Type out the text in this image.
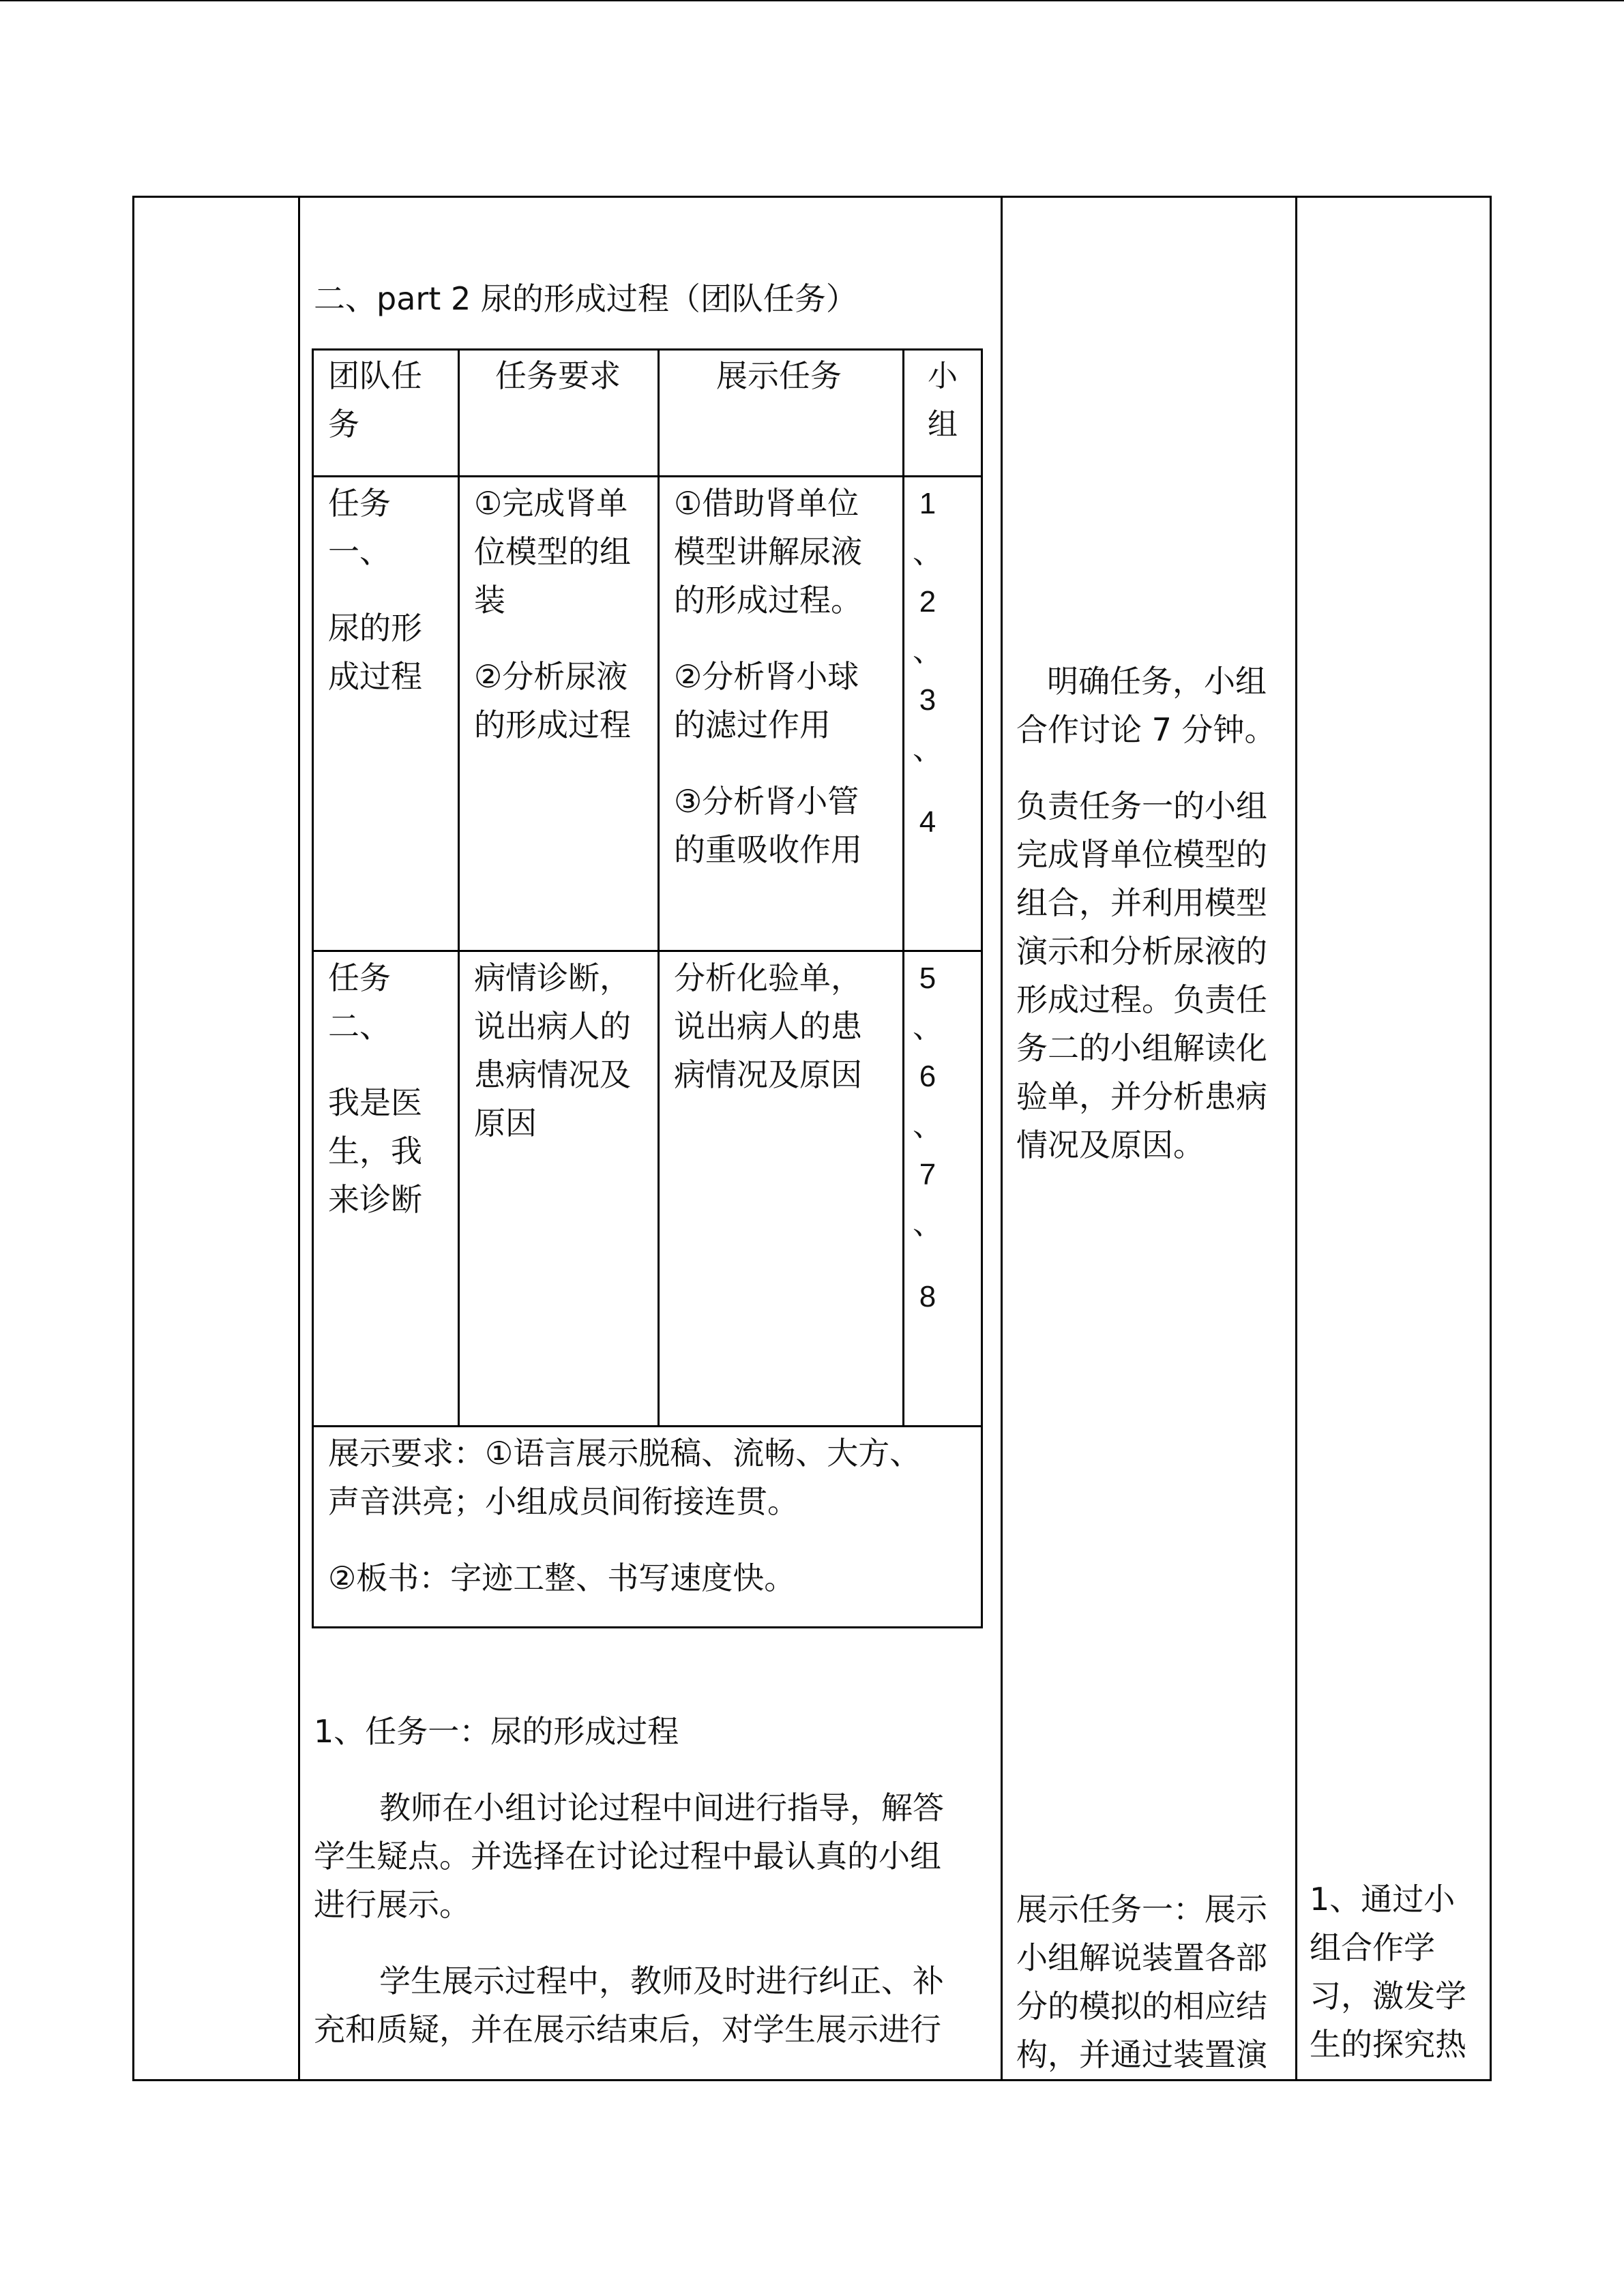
二、part 2 尿的形成过程（团队任务）
团队任
务
任务要求	展示任务	小
组
任务
一、
尿的形
成过程
①完成肾单
位模型的组
装
②分析尿液
的形成过程
①借助肾单位
模型讲解尿液
的形成过程。
②分析肾小球
的滤过作用
③分析肾小管
的重吸收作用
1
、
2
、
3
、
4
任务
二、
我是医
生，我
来诊断
病情诊断，
说出病人的
患病情况及
原因
分析化验单，
说出病人的患
病情况及原因
5
、
6
、
7
、
8
展示要求：①语言展示脱稿、流畅、大方、
声音洪亮；小组成员间衔接连贯。
②板书：字迹工整、书写速度快。
1、任务一：尿的形成过程
教师在小组讨论过程中间进行指导，解答
学生疑点。并选择在讨论过程中最认真的小组
进行展示。
学生展示过程中，教师及时进行纠正、补
充和质疑，并在展示结束后，对学生展示进行
明确任务，小组
合作讨论 7 分钟。
负责任务一的小组
完成肾单位模型的
组合，并利用模型
演示和分析尿液的
形成过程。负责任
务二的小组解读化
验单，并分析患病
情况及原因。
展示任务一：展示
小组解说装置各部
分的模拟的相应结
构，并通过装置演
1、通过小
组合作学
习，激发学
生的探究热
